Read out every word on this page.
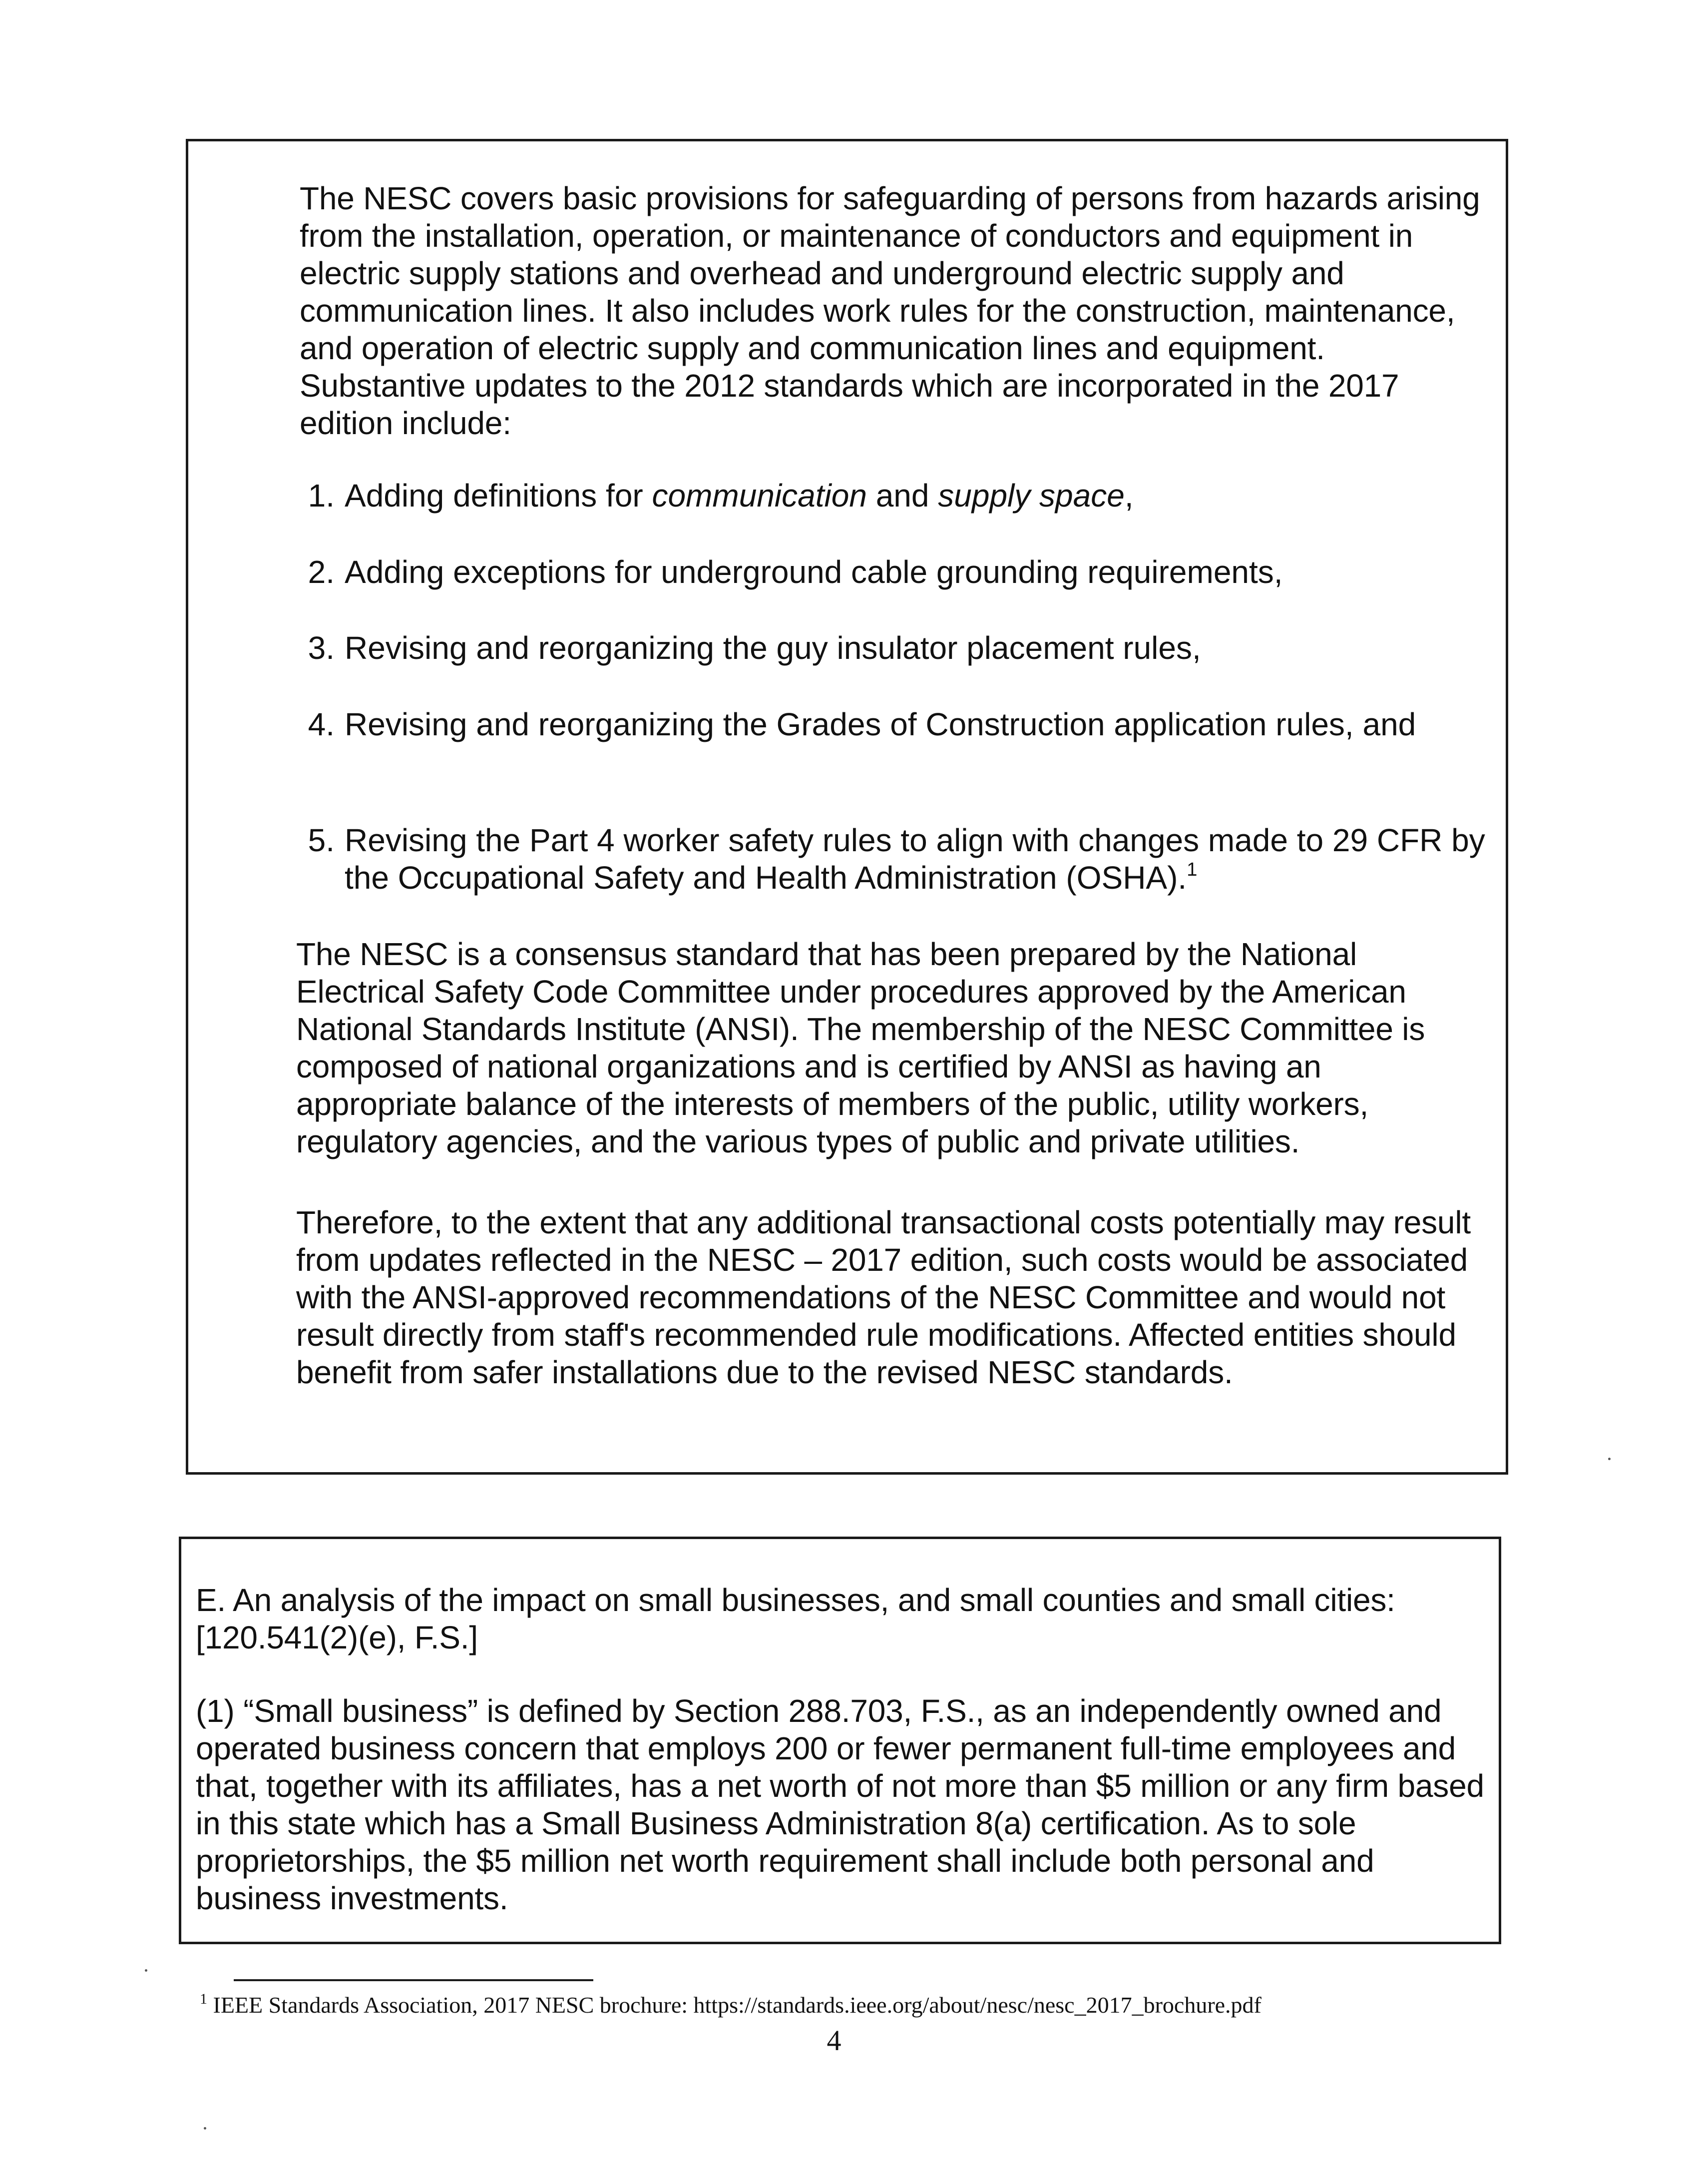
The NESC covers basic provisions for safeguarding of persons from hazards arising from the installation, operation, or maintenance of conductors and equipment in electric supply stations and overhead and underground electric supply and communication lines. It also includes work rules for the construction, maintenance, and operation of electric supply and communication lines and equipment. Substantive updates to the 2012 standards which are incorporated in the 2017 edition include:
1. Adding definitions for communication and supply space,
2. Adding exceptions for underground cable grounding requirements,
3. Revising and reorganizing the guy insulator placement rules,
4. Revising and reorganizing the Grades of Construction application rules, and
5. Revising the Part 4 worker safety rules to align with changes made to 29 CFR by the Occupational Safety and Health Administration (OSHA).$^1$
The NESC is a consensus standard that has been prepared by the National Electrical Safety Code Committee under procedures approved by the American National Standards Institute (ANSI). The membership of the NESC Committee is composed of national organizations and is certified by ANSI as having an appropriate balance of the interests of members of the public, utility workers, regulatory agencies, and the various types of public and private utilities.
Therefore, to the extent that any additional transactional costs potentially may result from updates reflected in the NESC – 2017 edition, such costs would be associated with the ANSI-approved recommendations of the NESC Committee and would not result directly from staff's recommended rule modifications. Affected entities should benefit from safer installations due to the revised NESC standards.
E. An analysis of the impact on small businesses, and small counties and small cities: [120.541(2)(e), F.S.]
(1) “Small business” is defined by Section 288.703, F.S., as an independently owned and operated business concern that employs 200 or fewer permanent full-time employees and that, together with its affiliates, has a net worth of not more than $5 million or any firm based in this state which has a Small Business Administration 8(a) certification. As to sole proprietorships, the $5 million net worth requirement shall include both personal and business investments.
$^1$ IEEE Standards Association, 2017 NESC brochure: https://standards.ieee.org/about/nesc/nesc_2017_brochure.pdf
4
